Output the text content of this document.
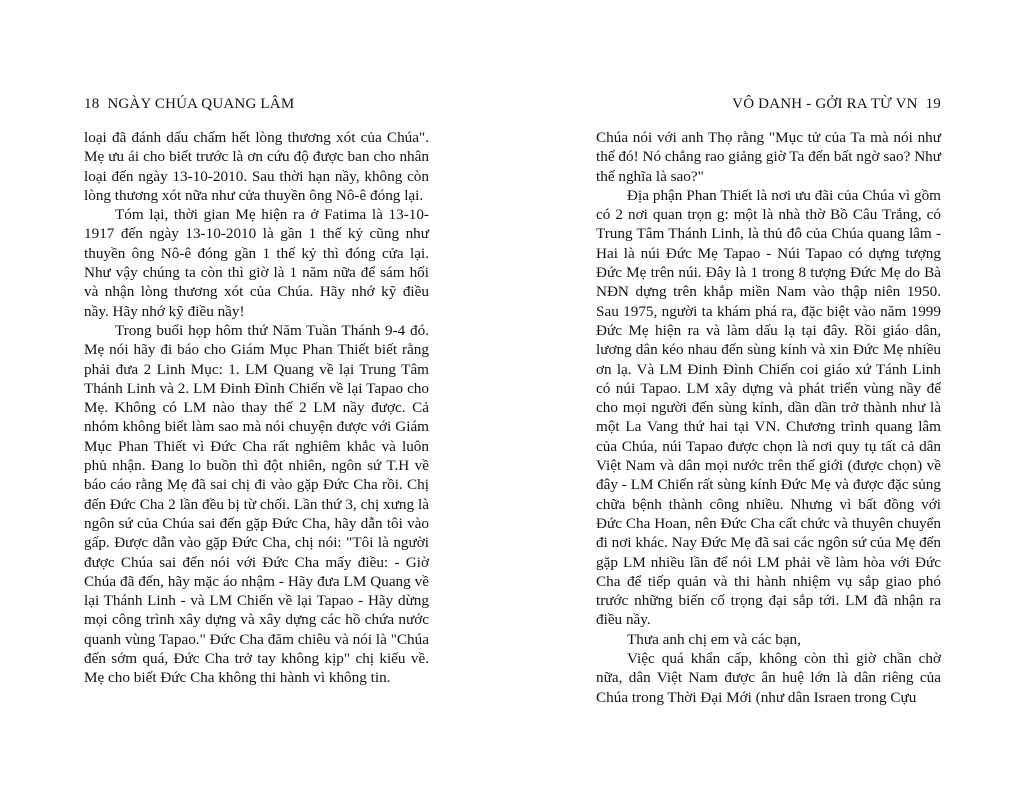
18 NGÀY CHÚA QUANG LÂM

loại đã đánh dấu chấm hết lòng thương xót của Chúa". Mẹ ưu ái cho biết trước là ơn cứu độ được ban cho nhân loại đến ngày 13-10-2010. Sau thời hạn nầy, không còn lòng thương xót nữa như cửa thuyền ông Nô-ê đóng lại.

Tóm lại, thời gian Mẹ hiện ra ở Fatima là 13-10-1917 đến ngày 13-10-2010 là gần 1 thế kỷ cũng như thuyền ông Nô-ê đóng gần 1 thế kỷ thì đóng cửa lại. Như vậy chúng ta còn thì giờ là 1 năm nữa để sám hối và nhận lòng thương xót của Chúa. Hãy nhớ kỹ điều nầy. Hãy nhớ kỹ điều nầy!

Trong buổi họp hôm thứ Năm Tuần Thánh 9-4 đó. Mẹ nói hãy đi báo cho Giám Mục Phan Thiết biết rằng phải đưa 2 Linh Mục: 1. LM Quang về lại Trung Tâm Thánh Linh và 2. LM Đinh Đình Chiến về lại Tapao cho Mẹ. Không có LM nào thay thế 2 LM nầy được. Cả nhóm không biết làm sao mà nói chuyện được với Giám Mục Phan Thiết vì Đức Cha rất nghiêm khắc và luôn phủ nhận. Đang lo buồn thì đột nhiên, ngôn sứ T.H về báo cáo rằng Mẹ đã sai chị đi vào gặp Đức Cha rồi. Chị đến Đức Cha 2 lần đều bị từ chối. Lần thứ 3, chị xưng là ngôn sứ của Chúa sai đến gặp Đức Cha, hãy dẫn tôi vào gấp. Được dẫn vào gặp Đức Cha, chị nói: "Tôi là người được Chúa sai đến nói với Đức Cha mấy điều: - Giờ Chúa đã đến, hãy mặc áo nhậm - Hãy đưa LM Quang về lại Thánh Linh - và LM Chiến về lại Tapao - Hãy dừng mọi công trình xây dựng và xây dựng các hồ chứa nước quanh vùng Tapao." Đức Cha đăm chiêu và nói là "Chúa đến sớm quá, Đức Cha trở tay không kịp" chị kiếu về. Mẹ cho biết Đức Cha không thi hành vì không tin.

VÔ DANH - GỞI RA TỪ VN 19

Chúa nói với anh Thọ rằng "Mục tử của Ta mà nói như thế đó! Nó chẳng rao giảng giờ Ta đến bất ngờ sao? Như thế nghĩa là sao?"

Địa phận Phan Thiết là nơi ưu đãi của Chúa vì gồm có 2 nơi quan trọn g: một là nhà thờ Bồ Câu Trắng, có Trung Tâm Thánh Linh, là thủ đô của Chúa quang lâm - Hai là núi Đức Mẹ Tapao - Núi Tapao có dựng tượng Đức Mẹ trên núi. Đây là 1 trong 8 tượng Đức Mẹ do Bà NĐN dựng trên khắp miền Nam vào thập niên 1950. Sau 1975, người ta khám phá ra, đặc biệt vào năm 1999 Đức Mẹ hiện ra và làm dấu lạ tại đây. Rồi giáo dân, lương dân kéo nhau đến sùng kính và xin Đức Mẹ nhiều ơn lạ. Và LM Đinh Đình Chiến coi giáo xứ Tánh Linh có núi Tapao. LM xây dựng và phát triển vùng nầy để cho mọi người đến sùng kính, dần dần trở thành như là một La Vang thứ hai tại VN. Chương trình quang lâm của Chúa, núi Tapao được chọn là nơi quy tụ tất cả dân Việt Nam và dân mọi nước trên thế giới (được chọn) về đây - LM Chiến rất sùng kính Đức Mẹ và được đặc sủng chữa bệnh thành công nhiều. Nhưng vì bất đồng với Đức Cha Hoan, nên Đức Cha cất chức và thuyên chuyển đi nơi khác. Nay Đức Mẹ đã sai các ngôn sứ của Mẹ đến gặp LM nhiều lần để nói LM phải về làm hòa với Đức Cha để tiếp quản và thi hành nhiệm vụ sắp giao phó trước những biến cố trọng đại sắp tới. LM đã nhận ra điều nầy.

Thưa anh chị em và các bạn,

Việc quá khẩn cấp, không còn thì giờ chần chờ nữa, dân Việt Nam được ân huệ lớn là dân riêng của Chúa trong Thời Đại Mới (như dân Israen trong Cựu
